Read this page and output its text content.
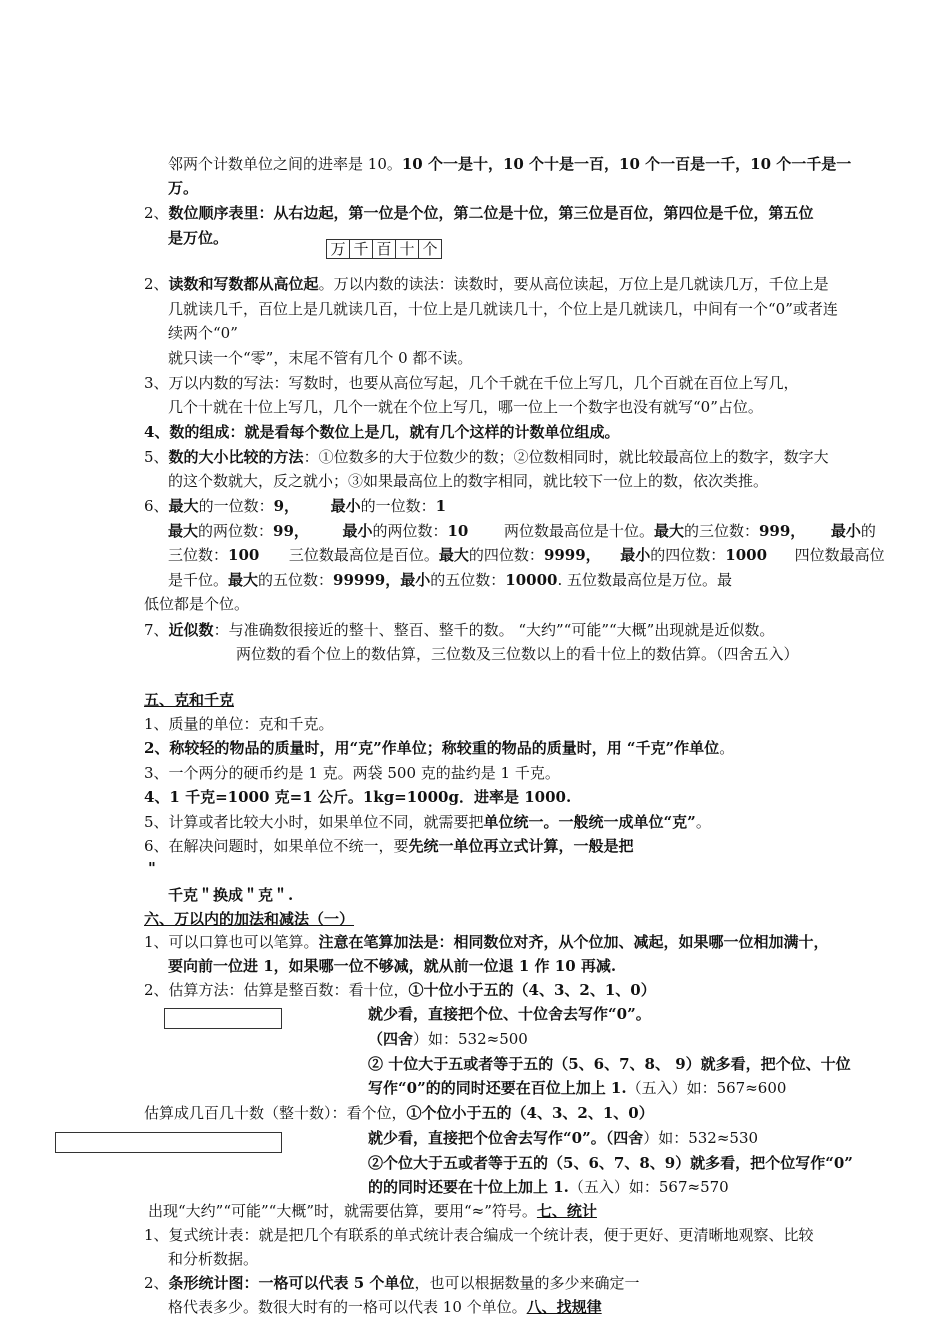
邻两个计数单位之间的进率是 10。10 个一是十，10 个十是一百，10 个一百是一千，10 个一千是一
万。
2、数位顺序表里：从右边起，第一位是个位，第二位是十位，第三位是百位，第四位是千位，第五位
是万位。
万	千	百	十	个
2、读数和写数都从高位起。万以内数的读法：读数时，要从高位读起，万位上是几就读几万，千位上是
几就读几千，百位上是几就读几百，十位上是几就读几十，个位上是几就读几，中间有一个“0”或者连
续两个“0”
就只读一个“零”，末尾不管有几个 0 都不读。
3、万以内数的写法：写数时，也要从高位写起，几个千就在千位上写几，几个百就在百位上写几，
几个十就在十位上写几，几个一就在个位上写几，哪一位上一个数字也没有就写“0”占位。
4、数的组成：就是看每个数位上是几，就有几个这样的计数单位组成。
5、数的大小比较的方法：①位数多的大于位数少的数；②位数相同时，就比较最高位上的数字，数字大
的这个数就大，反之就小；③如果最高位上的数字相同，就比较下一位上的数，依次类推。
6、最大的一位数：9， 最小的一位数：1
最大的两位数：99， 最小的两位数：10 两位数最高位是十位。最大的三位数：999， 最小的
三位数：100 三位数最高位是百位。最大的四位数：9999， 最小的四位数：1000 四位数最高位
是千位。最大的五位数：99999，最小的五位数：10000. 五位数最高位是万位。最
低位都是个位。
7、近似数：与准确数很接近的整十、整百、整千的数。 “大约”“可能”“大概”出现就是近似数。
两位数的看个位上的数估算，三位数及三位数以上的看十位上的数估算。（四舍五入）
五、克和千克
1、质量的单位：克和千克。
2、称较轻的物品的质量时，用“克”作单位；称较重的物品的质量时，用 “千克”作单位。
3、一个两分的硬币约是 1 克。两袋 500 克的盐约是 1 千克。
4、1 千克=1000 克=1 公斤。1kg=1000g．进率是 1000.
5、计算或者比较大小时，如果单位不同，就需要把单位统一。一般统一成单位“克”。
6、在解决问题时，如果单位不统一，要先统一单位再立式计算，一般是把
"
千克＂换成＂克＂.
六、万以内的加法和减法（一）
1、可以口算也可以笔算。注意在笔算加法是：相同数位对齐，从个位加、减起，如果哪一位相加满十，
要向前一位进 1，如果哪一位不够减，就从前一位退 1 作 10 再减.
2、估算方法：估算是整百数：看十位，①十位小于五的（4、3、2、1、0）
就少看，直接把个位、十位舍去写作“0”。
（四舍）如：532≈500
② 十位大于五或者等于五的（5、6、7、8、 9）就多看，把个位、十位
写作“0”的的同时还要在百位上加上 1.（五入）如：567≈600
估算成几百几十数（整十数）：看个位，①个位小于五的（4、3、2、1、0）
就少看，直接把个位舍去写作“0”。（四舍）如：532≈530
②个位大于五或者等于五的（5、6、7、8、9）就多看，把个位写作“0”
的的同时还要在十位上加上 1.（五入）如：567≈570
出现“大约”“可能”“大概”时，就需要估算，要用“≈”符号。七、统计
1、复式统计表：就是把几个有联系的单式统计表合编成一个统计表，便于更好、更清晰地观察、比较
和分析数据。
2、条形统计图：一格可以代表 5 个单位，也可以根据数量的多少来确定一
格代表多少。数很大时有的一格可以代表 10 个单位。八、找规律
